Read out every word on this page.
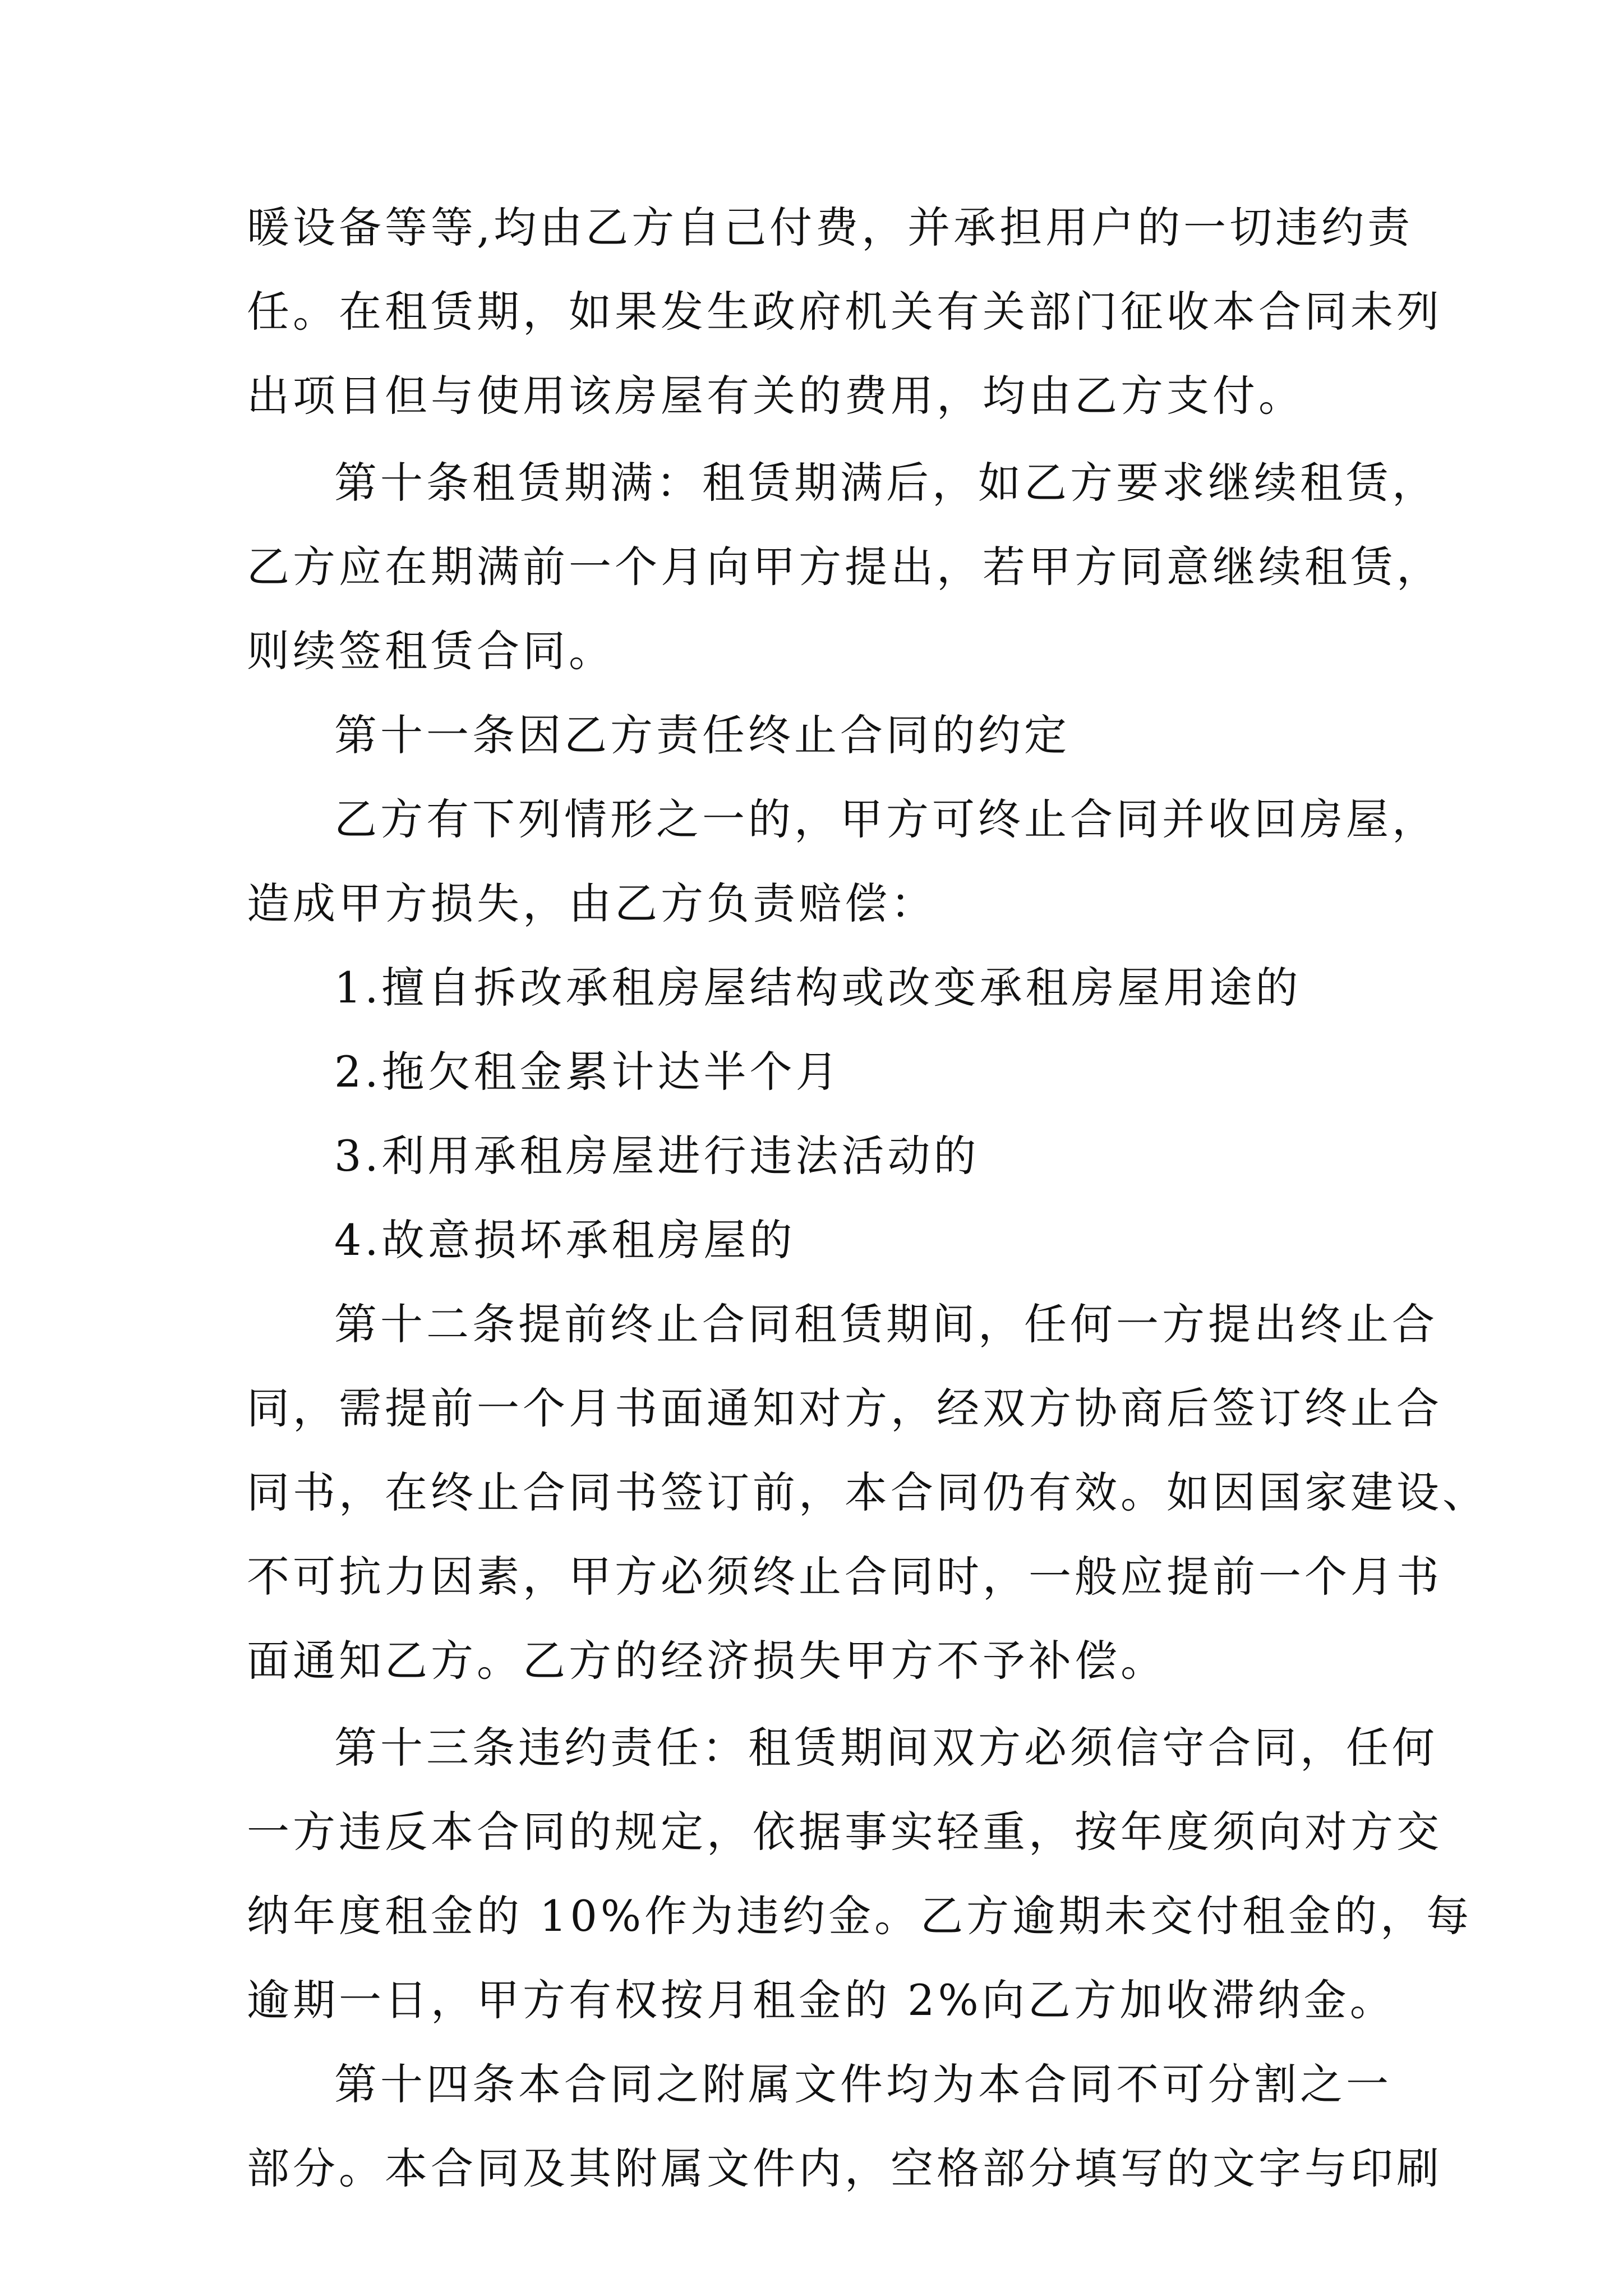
暖设备等等,均由乙方自己付费，并承担用户的一切违约责
任。在租赁期，如果发生政府机关有关部门征收本合同未列
出项目但与使用该房屋有关的费用，均由乙方支付。
第十条租赁期满：租赁期满后，如乙方要求继续租赁，
乙方应在期满前一个月向甲方提出，若甲方同意继续租赁，
则续签租赁合同。
第十一条因乙方责任终止合同的约定
乙方有下列情形之一的，甲方可终止合同并收回房屋，
造成甲方损失，由乙方负责赔偿：
1.擅自拆改承租房屋结构或改变承租房屋用途的
2.拖欠租金累计达半个月
3.利用承租房屋进行违法活动的
4.故意损坏承租房屋的
第十二条提前终止合同租赁期间，任何一方提出终止合
同，需提前一个月书面通知对方，经双方协商后签订终止合
同书，在终止合同书签订前，本合同仍有效。如因国家建设、
不可抗力因素，甲方必须终止合同时，一般应提前一个月书
面通知乙方。乙方的经济损失甲方不予补偿。
第十三条违约责任：租赁期间双方必须信守合同，任何
一方违反本合同的规定，依据事实轻重，按年度须向对方交
纳年度租金的 10%作为违约金。乙方逾期未交付租金的，每
逾期一日，甲方有权按月租金的 2%向乙方加收滞纳金。
第十四条本合同之附属文件均为本合同不可分割之一
部分。本合同及其附属文件内，空格部分填写的文字与印刷
